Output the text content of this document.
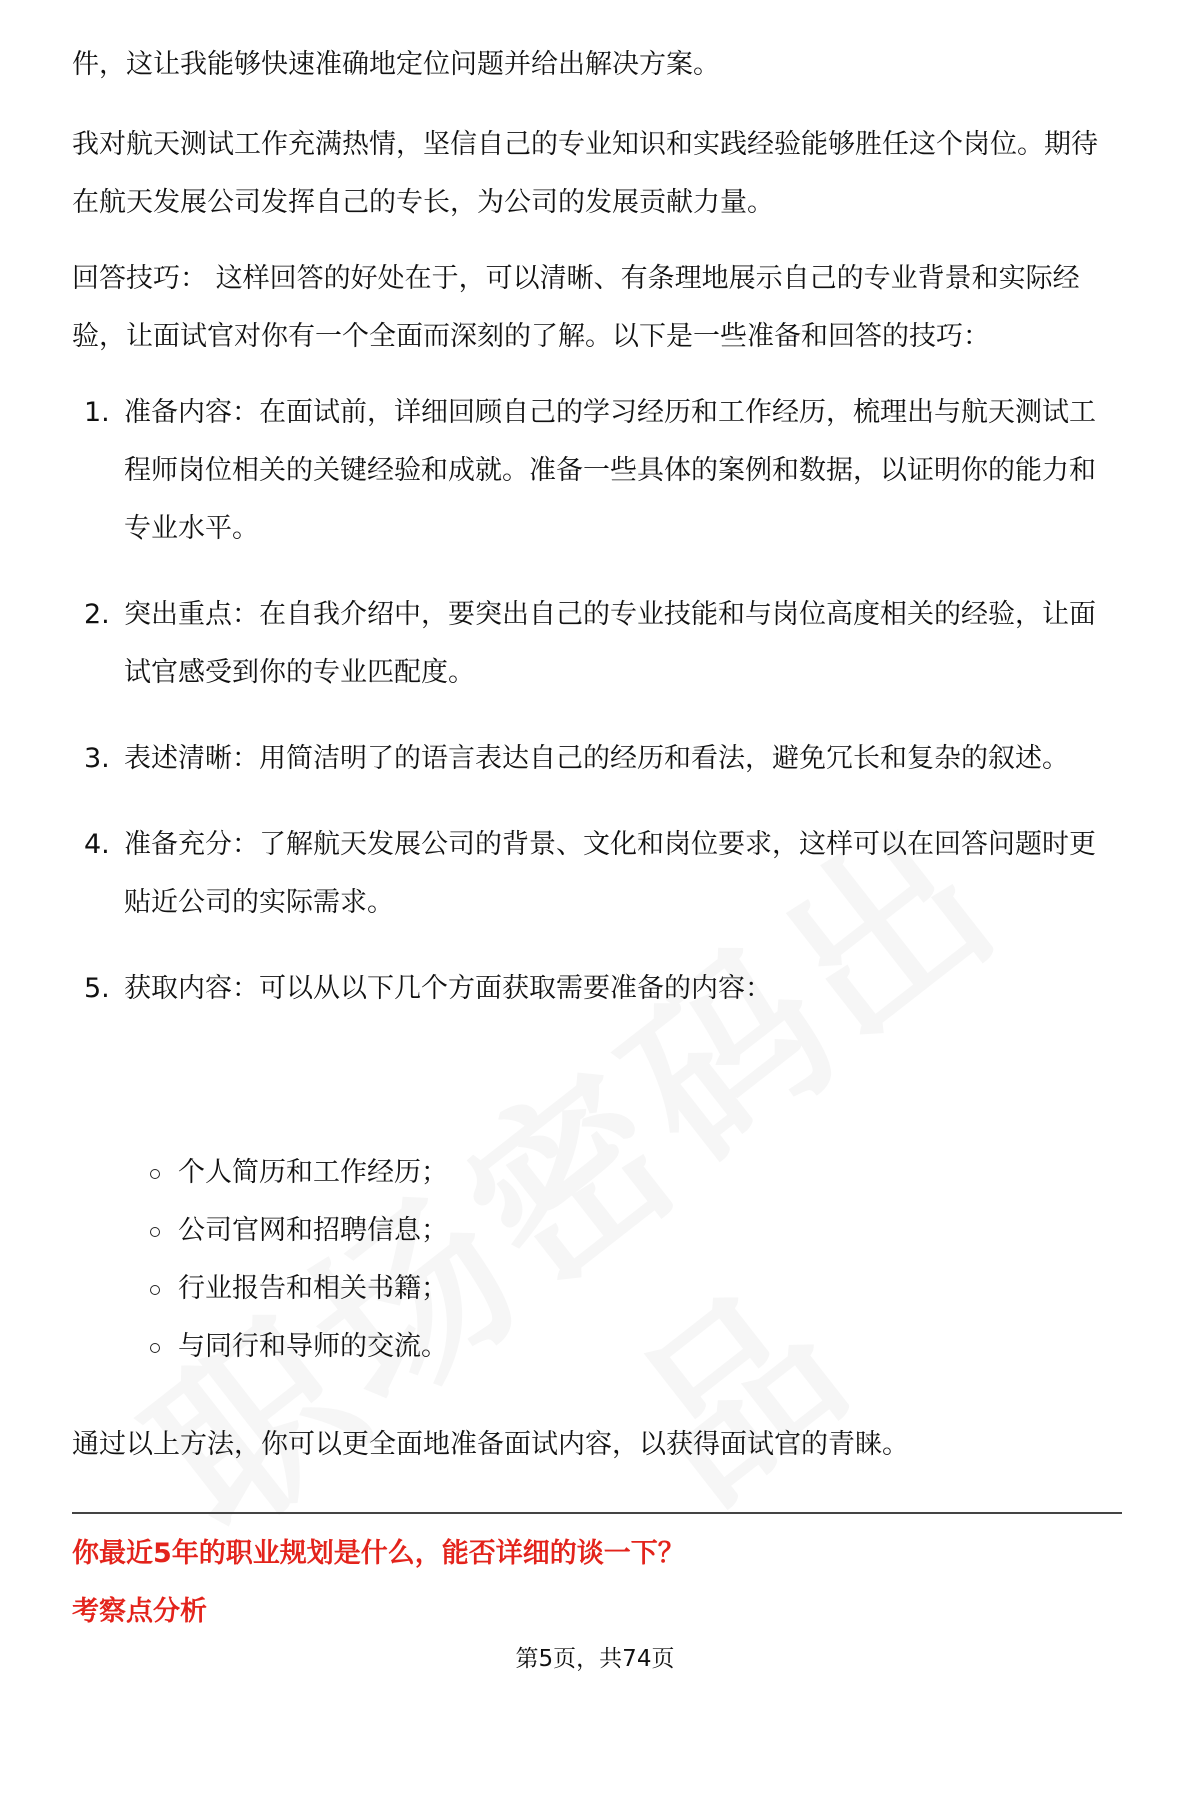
件，这让我能够快速准确地定位问题并给出解决方案。

我对航天测试工作充满热情，坚信自己的专业知识和实践经验能够胜任这个岗位。期待在航天发展公司发挥自己的专长，为公司的发展贡献力量。

回答技巧： 这样回答的好处在于，可以清晰、有条理地展示自己的专业背景和实际经验，让面试官对你有一个全面而深刻的了解。以下是一些准备和回答的技巧：

1. 准备内容：在面试前，详细回顾自己的学习经历和工作经历，梳理出与航天测试工程师岗位相关的关键经验和成就。准备一些具体的案例和数据，以证明你的能力和专业水平。
2. 突出重点：在自我介绍中，要突出自己的专业技能和与岗位高度相关的经验，让面试官感受到你的专业匹配度。
3. 表述清晰：用简洁明了的语言表达自己的经历和看法，避免冗长和复杂的叙述。
4. 准备充分：了解航天发展公司的背景、文化和岗位要求，这样可以在回答问题时更贴近公司的实际需求。
5. 获取内容：可以从以下几个方面获取需要准备的内容：
个人简历和工作经历；
公司官网和招聘信息；
行业报告和相关书籍；
与同行和导师的交流。

通过以上方法，你可以更全面地准备面试内容，以获得面试官的青睐。

你最近5年的职业规划是什么，能否详细的谈一下？

考察点分析

第5页，共74页
